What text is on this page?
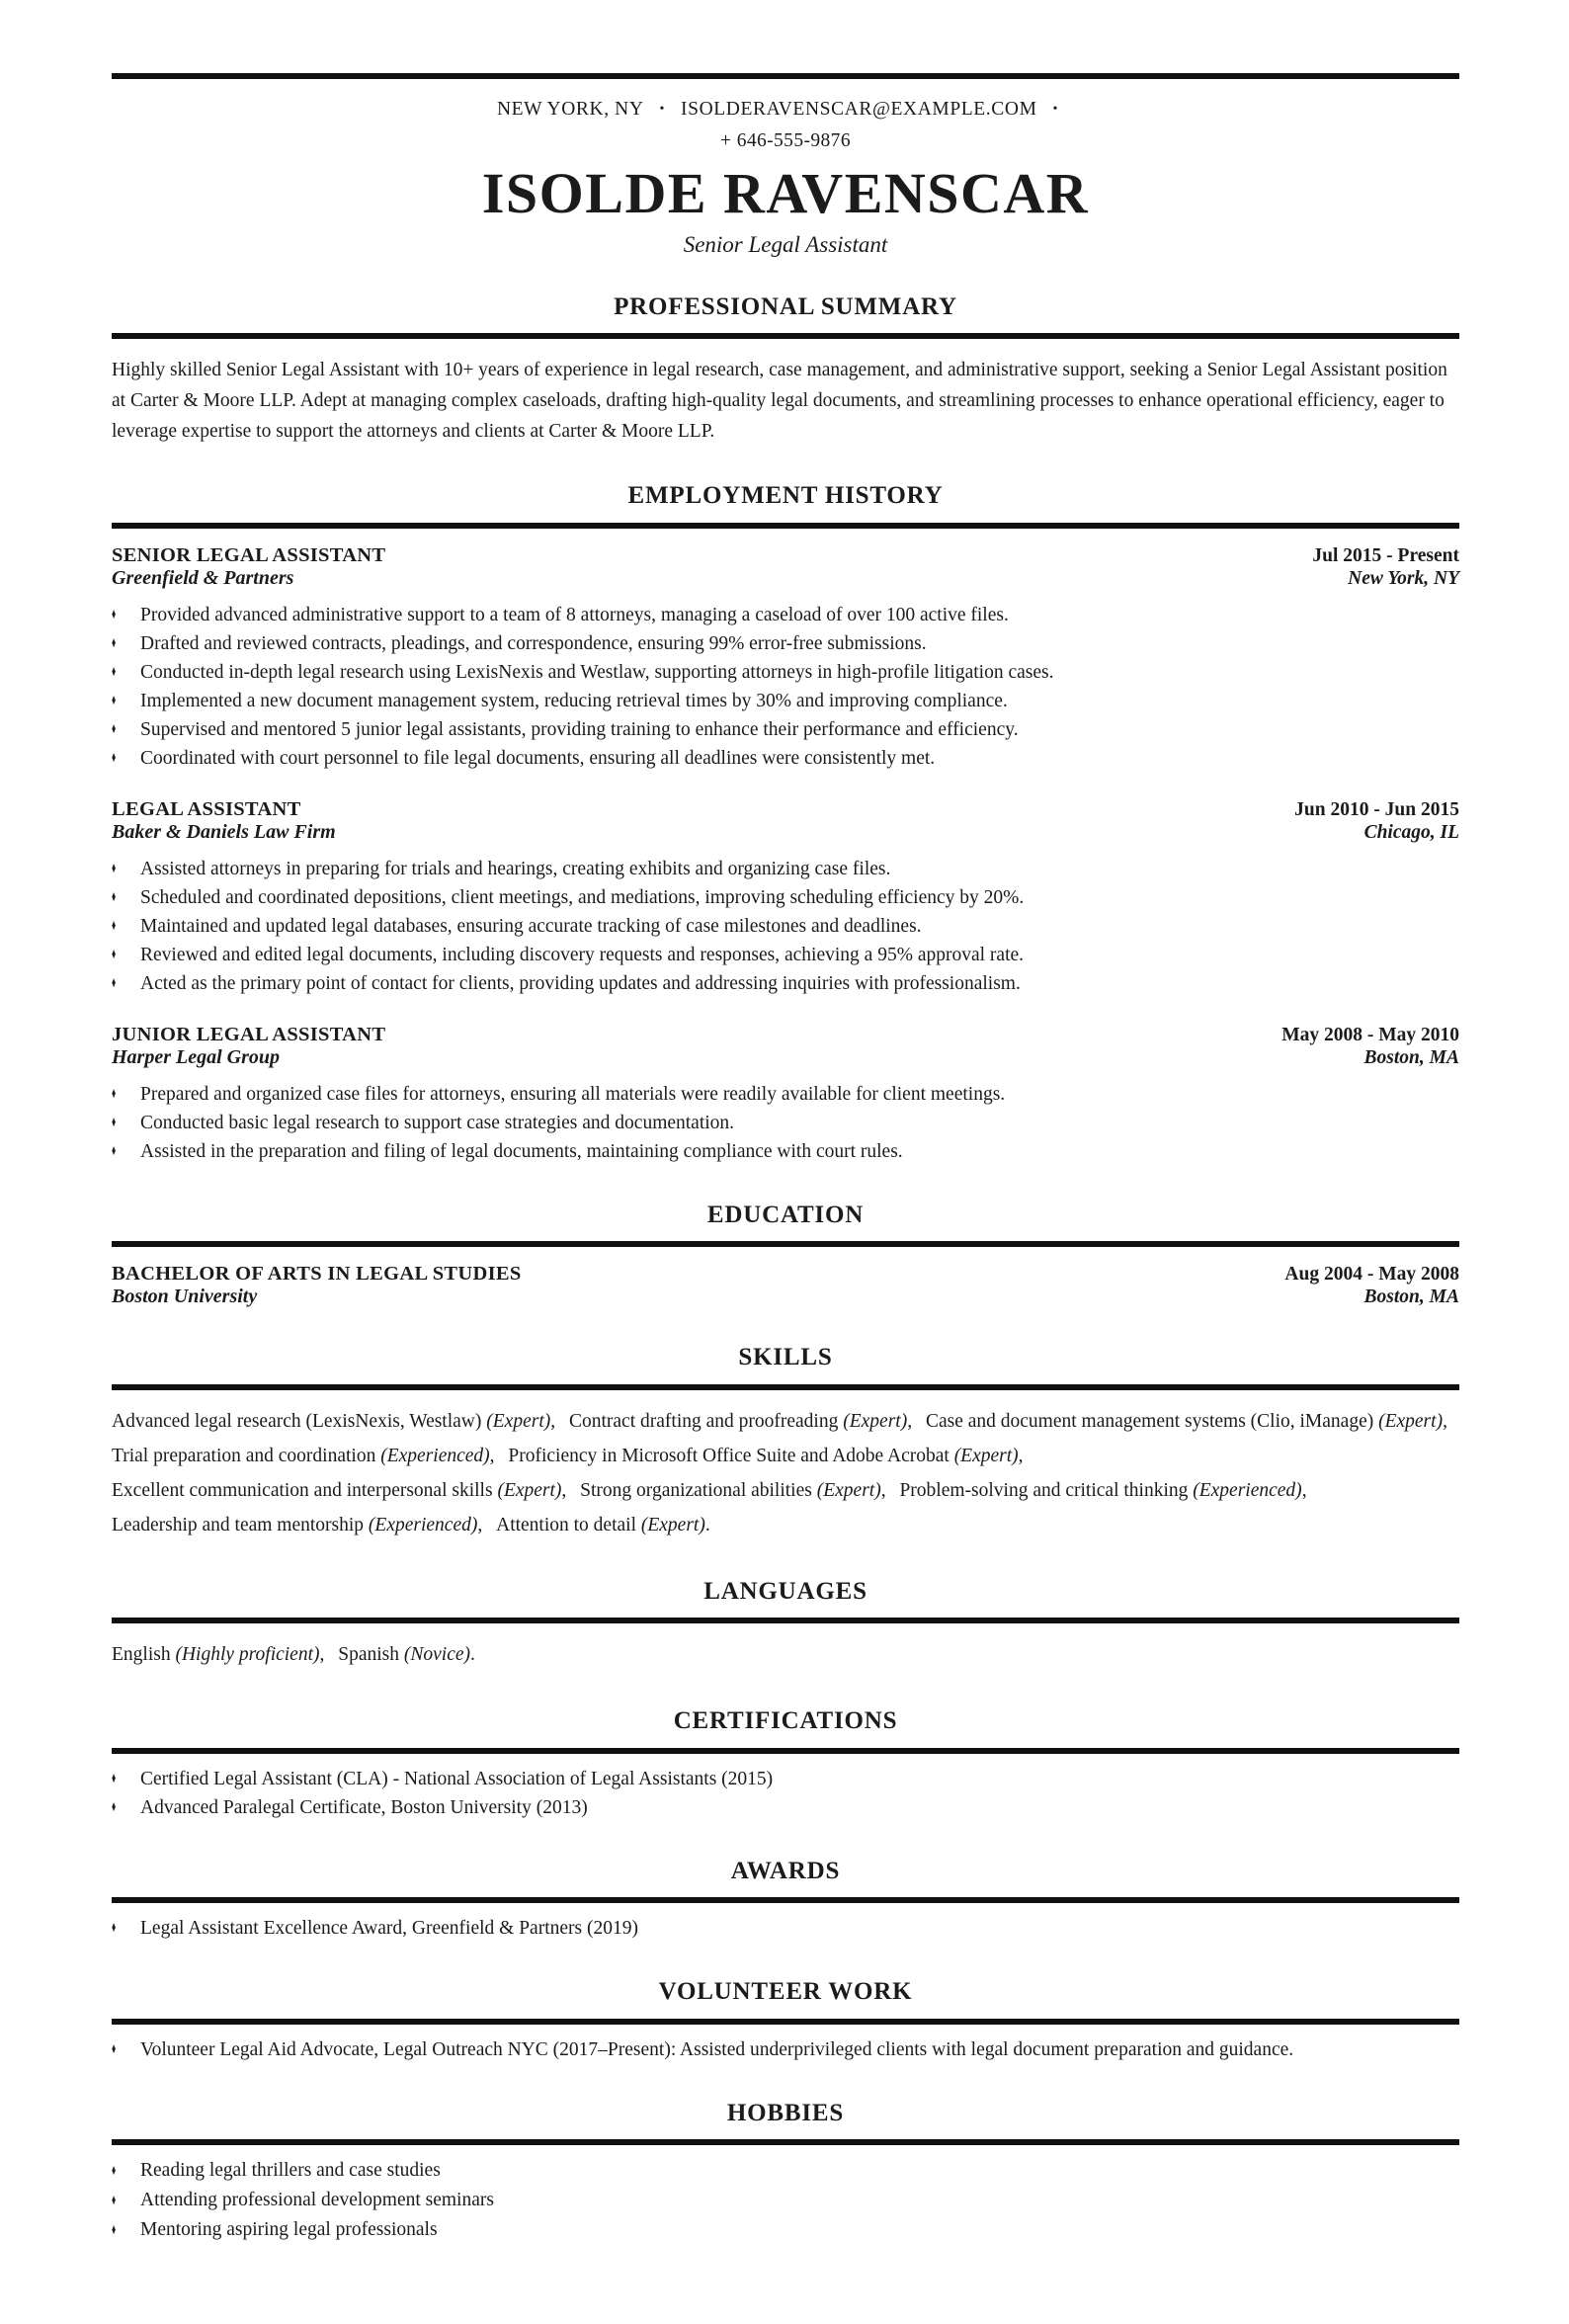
NEW YORK, NY • ISOLDERAVENSCAR@EXAMPLE.COM •
+ 646-555-9876
ISOLDE RAVENSCAR
Senior Legal Assistant
PROFESSIONAL SUMMARY

Highly skilled Senior Legal Assistant with 10+ years of experience in legal research, case management, and administrative support, seeking a Senior Legal Assistant position at Carter & Moore LLP. Adept at managing complex caseloads, drafting high-quality legal documents, and streamlining processes to enhance operational efficiency, eager to leverage expertise to support the attorneys and clients at Carter & Moore LLP.

EMPLOYMENT HISTORY
SENIOR LEGAL ASSISTANT	Jul 2015 - Present
Greenfield & Partners	New York, NY
♦	Provided advanced administrative support to a team of 8 attorneys, managing a caseload of over 100 active files.
♦	Drafted and reviewed contracts, pleadings, and correspondence, ensuring 99% error-free submissions.
♦	Conducted in-depth legal research using LexisNexis and Westlaw, supporting attorneys in high-profile litigation cases.
♦	Implemented a new document management system, reducing retrieval times by 30% and improving compliance.
♦	Supervised and mentored 5 junior legal assistants, providing training to enhance their performance and efficiency.
♦	Coordinated with court personnel to file legal documents, ensuring all deadlines were consistently met.
LEGAL ASSISTANT	Jun 2010 - Jun 2015
Baker & Daniels Law Firm	Chicago, IL
♦	Assisted attorneys in preparing for trials and hearings, creating exhibits and organizing case files.
♦	Scheduled and coordinated depositions, client meetings, and mediations, improving scheduling efficiency by 20%.
♦	Maintained and updated legal databases, ensuring accurate tracking of case milestones and deadlines.
♦	Reviewed and edited legal documents, including discovery requests and responses, achieving a 95% approval rate.
♦	Acted as the primary point of contact for clients, providing updates and addressing inquiries with professionalism.
JUNIOR LEGAL ASSISTANT	May 2008 - May 2010
Harper Legal Group	Boston, MA
♦	Prepared and organized case files for attorneys, ensuring all materials were readily available for client meetings.
♦	Conducted basic legal research to support case strategies and documentation.
♦	Assisted in the preparation and filing of legal documents, maintaining compliance with court rules.
EDUCATION
BACHELOR OF ARTS IN LEGAL STUDIES	Aug 2004 - May 2008
Boston University	Boston, MA
SKILLS
Advanced legal research (LexisNexis, Westlaw) (Expert), Contract drafting and proofreading (Expert), Case and document management systems (Clio, iManage) (Expert), Trial preparation and coordination (Experienced), Proficiency in Microsoft Office Suite and Adobe Acrobat (Expert), Excellent communication and interpersonal skills (Expert), Strong organizational abilities (Expert), Problem-solving and critical thinking (Experienced), Leadership and team mentorship (Experienced), Attention to detail (Expert).
LANGUAGES
English (Highly proficient), Spanish (Novice).
CERTIFICATIONS
♦	Certified Legal Assistant (CLA) - National Association of Legal Assistants (2015)
♦	Advanced Paralegal Certificate, Boston University (2013)
AWARDS
♦	Legal Assistant Excellence Award, Greenfield & Partners (2019)
VOLUNTEER WORK
♦	Volunteer Legal Aid Advocate, Legal Outreach NYC (2017–Present): Assisted underprivileged clients with legal document preparation and guidance.
HOBBIES
♦	Reading legal thrillers and case studies
♦	Attending professional development seminars
♦	Mentoring aspiring legal professionals
